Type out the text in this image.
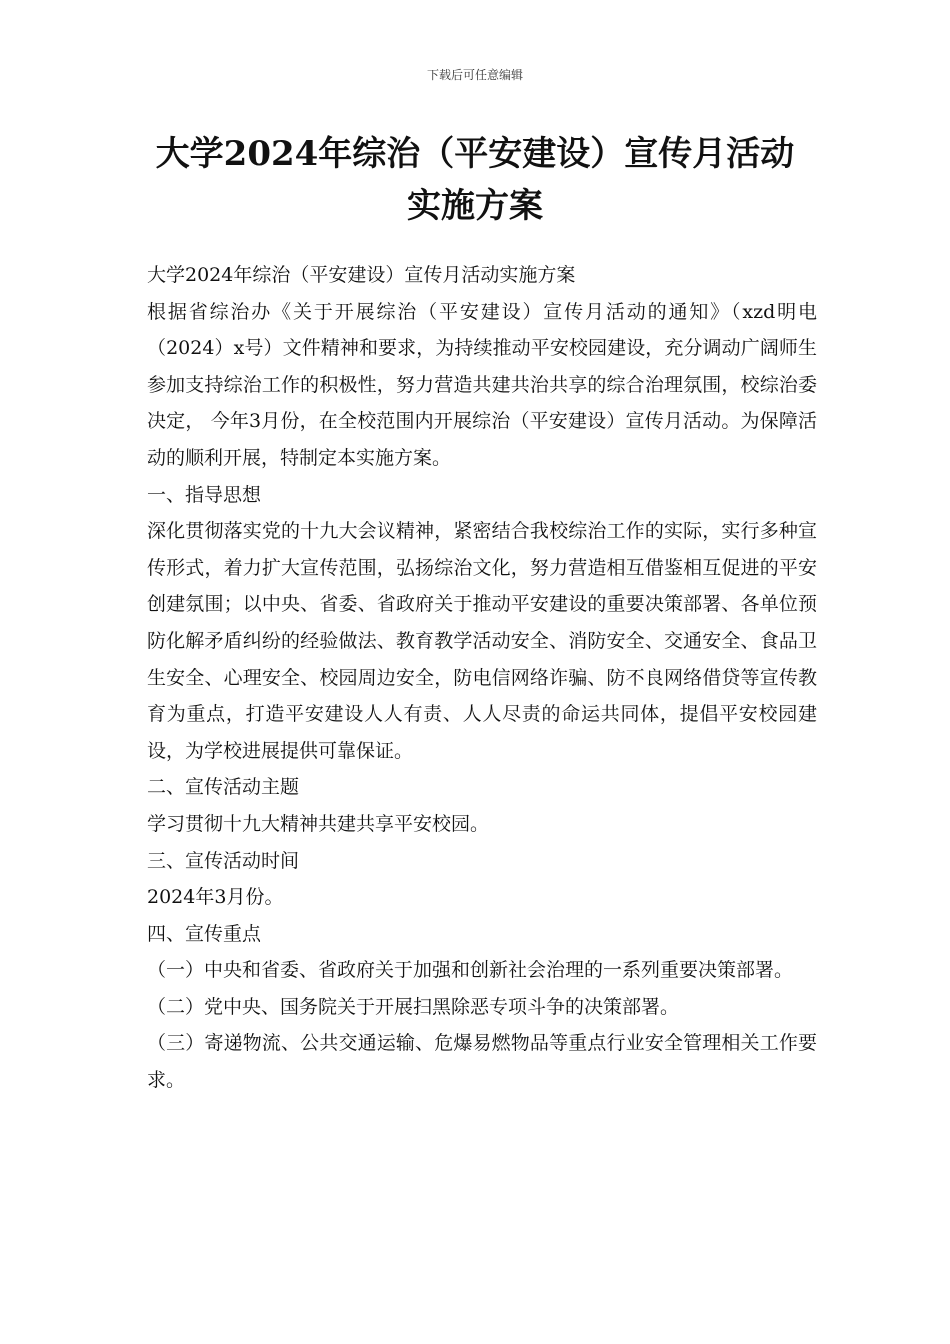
下载后可任意编辑
大学2024年综治（平安建设）宣传月活动
实施方案

大学2024年综治（平安建设）宣传月活动实施方案

根据省综治办《关于开展综治（平安建设）宣传月活动的通知》（xzd明电（2024）x号）文件精神和要求，为持续推动平安校园建设，充分调动广阔师生参加支持综治工作的积极性，努力营造共建共治共享的综合治理氛围，校综治委决定， 今年3月份，在全校范围内开展综治（平安建设）宣传月活动。为保障活动的顺利开展，特制定本实施方案。

一、指导思想

深化贯彻落实党的十九大会议精神，紧密结合我校综治工作的实际，实行多种宣传形式，着力扩大宣传范围，弘扬综治文化，努力营造相互借鉴相互促进的平安创建氛围；以中央、省委、省政府关于推动平安建设的重要决策部署、各单位预防化解矛盾纠纷的经验做法、教育教学活动安全、消防安全、交通安全、食品卫生安全、心理安全、校园周边安全，防电信网络诈骗、防不良网络借贷等宣传教育为重点，打造平安建设人人有责、人人尽责的命运共同体，提倡平安校园建设，为学校进展提供可靠保证。

二、宣传活动主题

学习贯彻十九大精神共建共享平安校园。

三、宣传活动时间

2024年3月份。

四、宣传重点

（一）中央和省委、省政府关于加强和创新社会治理的一系列重要决策部署。

（二）党中央、国务院关于开展扫黑除恶专项斗争的决策部署。

（三）寄递物流、公共交通运输、危爆易燃物品等重点行业安全管理相关工作要求。
